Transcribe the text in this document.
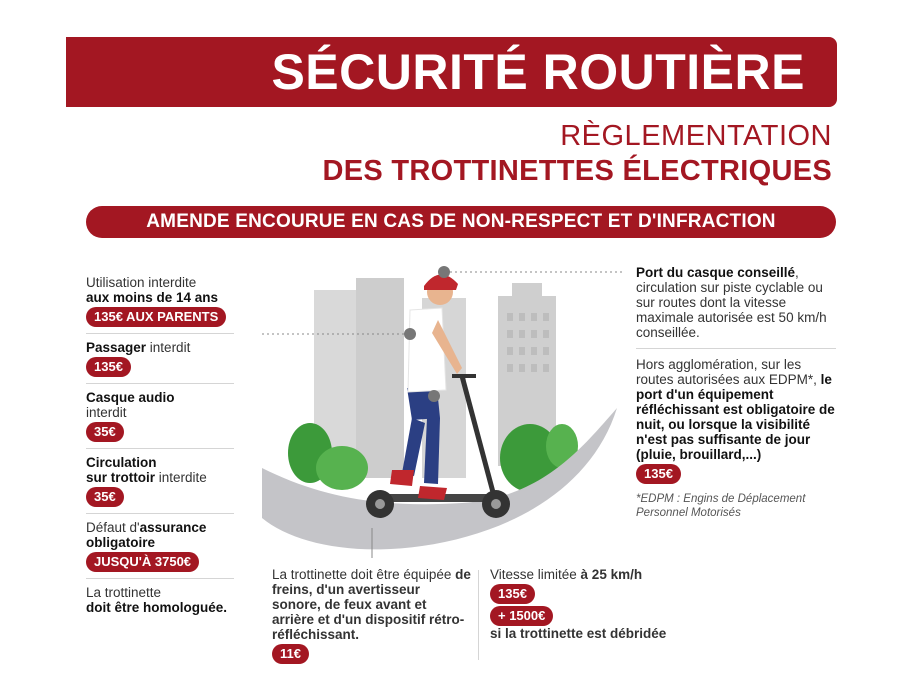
SÉCURITÉ ROUTIÈRE
RÈGLEMENTATION
DES TROTTINETTES ÉLECTRIQUES
AMENDE ENCOURUE EN CAS DE NON-RESPECT ET D'INFRACTION
Utilisation interdite
aux moins de 14 ans
135€ AUX PARENTS
Passager interdit
135€
Casque audio
interdit
35€
Circulation
sur trottoir interdite
35€
Défaut d'assurance
obligatoire
JUSQU'À 3750€
La trottinette
doit être homologuée.
Port du casque conseillé, circulation sur piste cyclable ou sur routes dont la vitesse maximale autorisée est 50 km/h conseillée.
Hors agglomération, sur les routes autorisées aux EDPM*, le port d'un équipement réfléchissant est obligatoire de nuit, ou lorsque la visibilité n'est pas suffisante de jour (pluie, brouillard,...)
135€
*EDPM : Engins de Déplacement Personnel Motorisés
La trottinette doit être équipée de freins, d'un avertisseur sonore, de feux avant et arrière et d'un dispositif rétro-réfléchissant.
11€
Vitesse limitée à 25 km/h
135€
+ 1500€
si la trottinette est débridée
